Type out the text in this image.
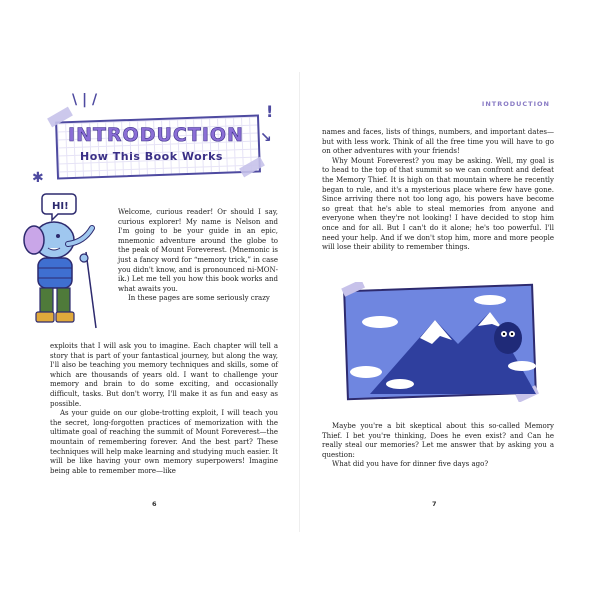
INTRODUCTION
How This Book Works
\ | /
!
↘
✱
HI!	Welcome, curious reader! Or should I say, curious explorer! My name is Nelson and I'm going to be your guide in an epic, mnemonic adventure around the globe to the peak of Mount Foreverest. (Mnemonic is just a fancy word for “memory trick,” in case you didn't know, and is pronounced ni-MON-ik.) Let me tell you how this book works and what awaits you.

In these pages are some seriously crazy

exploits that I will ask you to imagine. Each chapter will tell a story that is part of your fantastical journey, but along the way, I'll also be teaching you memory techniques and skills, some of which are thousands of years old. I want to challenge your memory and brain to do some exciting, and occasionally difficult, tasks. But don't worry, I'll make it as fun and easy as possible.

As your guide on our globe-trotting exploit, I will teach you the secret, long-forgotten practices of memorization with the ultimate goal of reaching the summit of Mount Foreverest—the mountain of remembering forever. And the best part? These techniques will help make learning and studying much easier. It will be like having your own memory superpowers! Imagine being able to remember more—like

6
INTRODUCTION

names and faces, lists of things, numbers, and important dates—but with less work. Think of all the free time you will have to go on other adventures with your friends!

Why Mount Foreverest? you may be asking. Well, my goal is to head to the top of that summit so we can confront and defeat the Memory Thief. It is high on that mountain where he recently began to rule, and it's a mysterious place where few have gone. Since arriving there not too long ago, his powers have become so great that he's able to steal memories from anyone and everyone when they're not looking! I have decided to stop him once and for all. But I can't do it alone; he's too powerful. I'll need your help. And if we don't stop him, more and more people will lose their ability to remember things.

Maybe you're a bit skeptical about this so-called Memory Thief. I bet you're thinking, Does he even exist? and Can he really steal our memories? Let me answer that by asking you a question:

What did you have for dinner five days ago?

7
